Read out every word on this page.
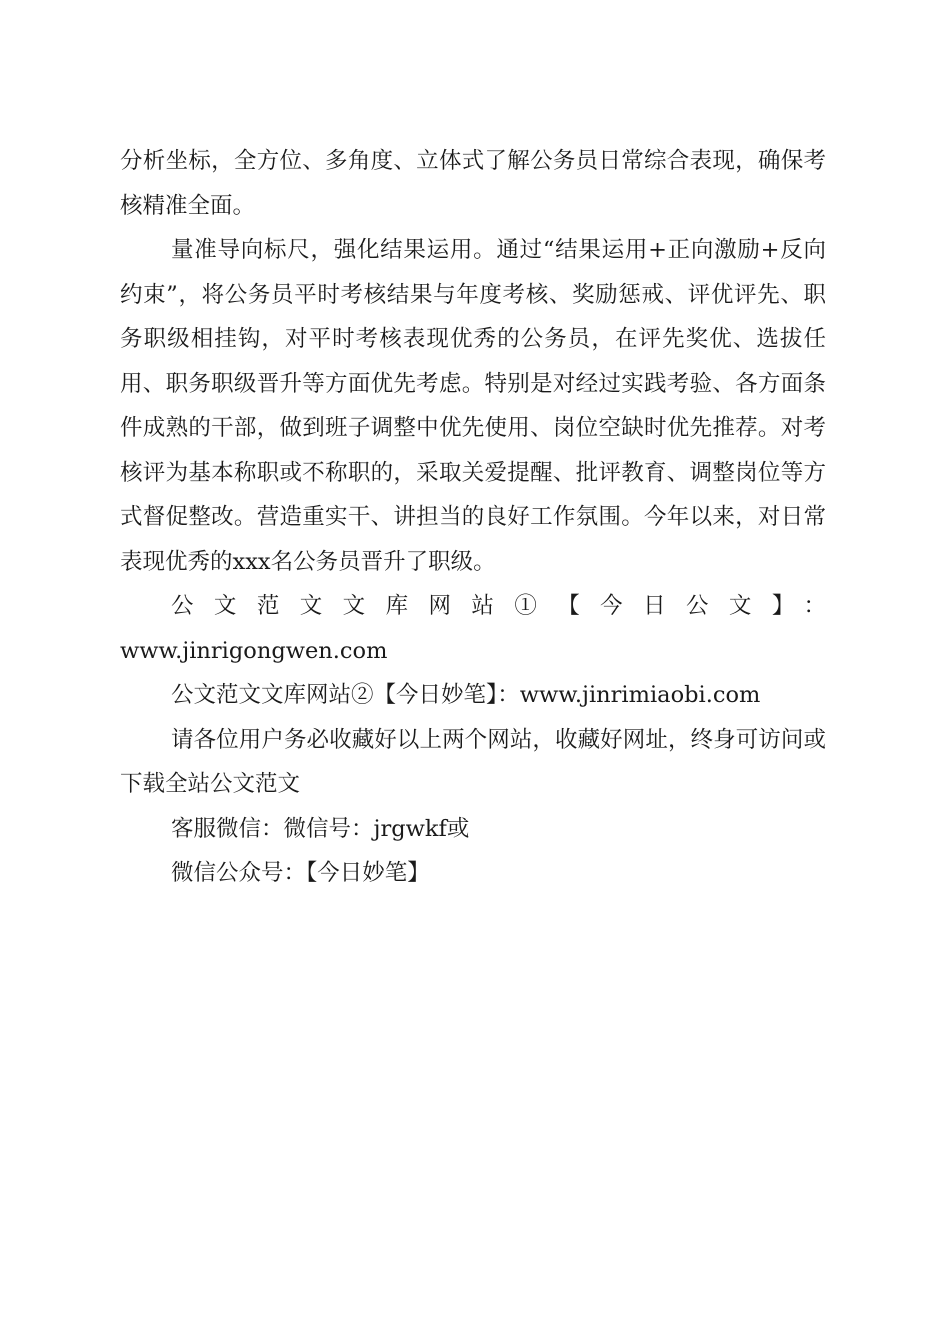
分析坐标，全方位、多角度、立体式了解公务员日常综合表现，确保考核精准全面。

量准导向标尺，强化结果运用。通过“结果运用+正向激励+反向约束”，将公务员平时考核结果与年度考核、奖励惩戒、评优评先、职务职级相挂钩，对平时考核表现优秀的公务员，在评先奖优、选拔任用、职务职级晋升等方面优先考虑。特别是对经过实践考验、各方面条件成熟的干部，做到班子调整中优先使用、岗位空缺时优先推荐。对考核评为基本称职或不称职的，采取关爱提醒、批评教育、调整岗位等方式督促整改。营造重实干、讲担当的良好工作氛围。今年以来，对日常表现优秀的xxx名公务员晋升了职级。

公文范文文库网站①【今日公文】：
www.jinrigongwen.com

公文范文文库网站②【今日妙笔】：www.jinrimiaobi.com

请各位用户务必收藏好以上两个网站，收藏好网址，终身可访问或下载全站公文范文

客服微信：微信号：jrgwkf或

微信公众号：【今日妙笔】
